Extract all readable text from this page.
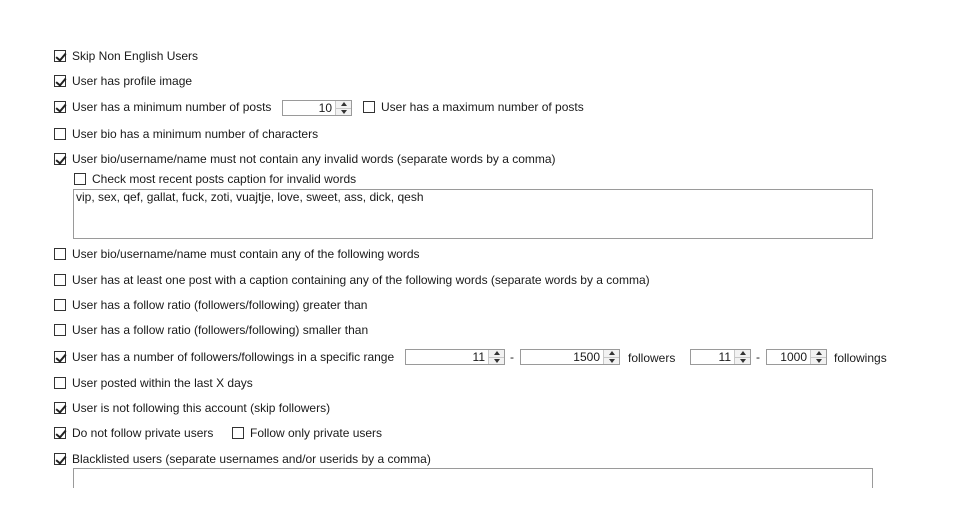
Skip Non English Users
User has profile image
User has a minimum number of posts	10	User has a maximum number of posts
User bio has a minimum number of characters
User bio/username/name must not contain any invalid words (separate words by a comma)
Check most recent posts caption for invalid words
vip, sex, qef, gallat, fuck, zoti, vuajtje, love, sweet, ass, dick, qesh
User bio/username/name must contain any of the following words
User has at least one post with a caption containing any of the following words (separate words by a comma)
User has a follow ratio (followers/following) greater than
User has a follow ratio (followers/following) smaller than
User has a number of followers/followings in a specific range	11 -	1500 followers	11 -	1000 followings
User posted within the last X days
User is not following this account (skip followers)
Do not follow private users	Follow only private users
Blacklisted users (separate usernames and/or userids by a comma)
